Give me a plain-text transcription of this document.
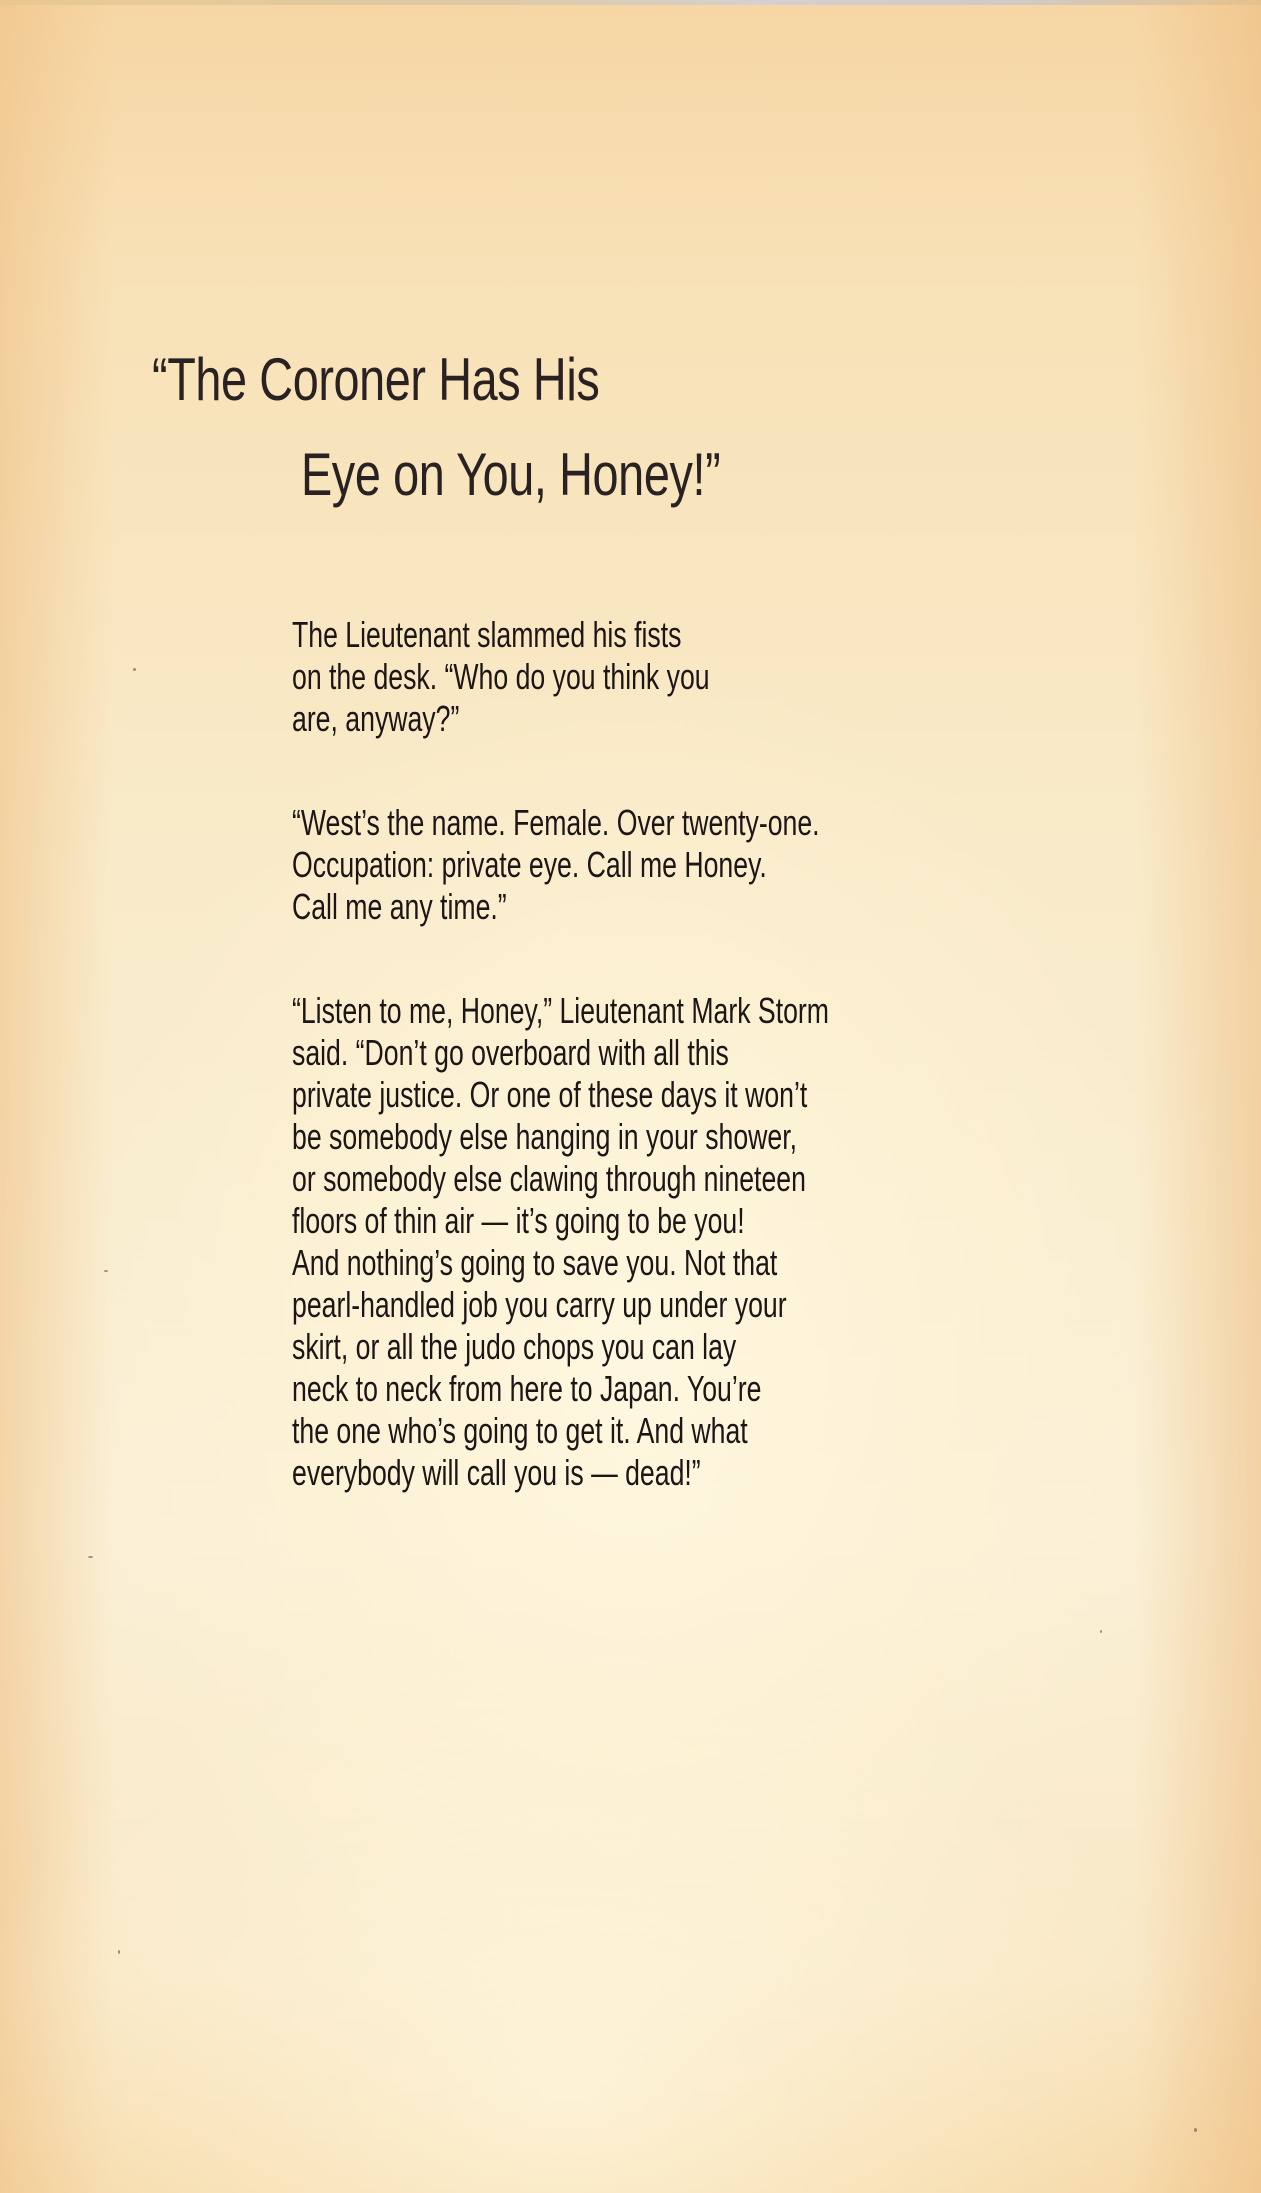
“The Coroner Has His
Eye on You, Honey!”

The Lieutenant slammed his fists
on the desk. “Who do you think you
are, anyway?”

“West’s the name. Female. Over twenty-one.
Occupation: private eye. Call me Honey.
Call me any time.”

“Listen to me, Honey,” Lieutenant Mark Storm
said. “Don’t go overboard with all this
private justice. Or one of these days it won’t
be somebody else hanging in your shower,
or somebody else clawing through nineteen
floors of thin air — it’s going to be you!
And nothing’s going to save you. Not that
pearl-handled job you carry up under your
skirt, or all the judo chops you can lay
neck to neck from here to Japan. You’re
the one who’s going to get it. And what
everybody will call you is — dead!”
